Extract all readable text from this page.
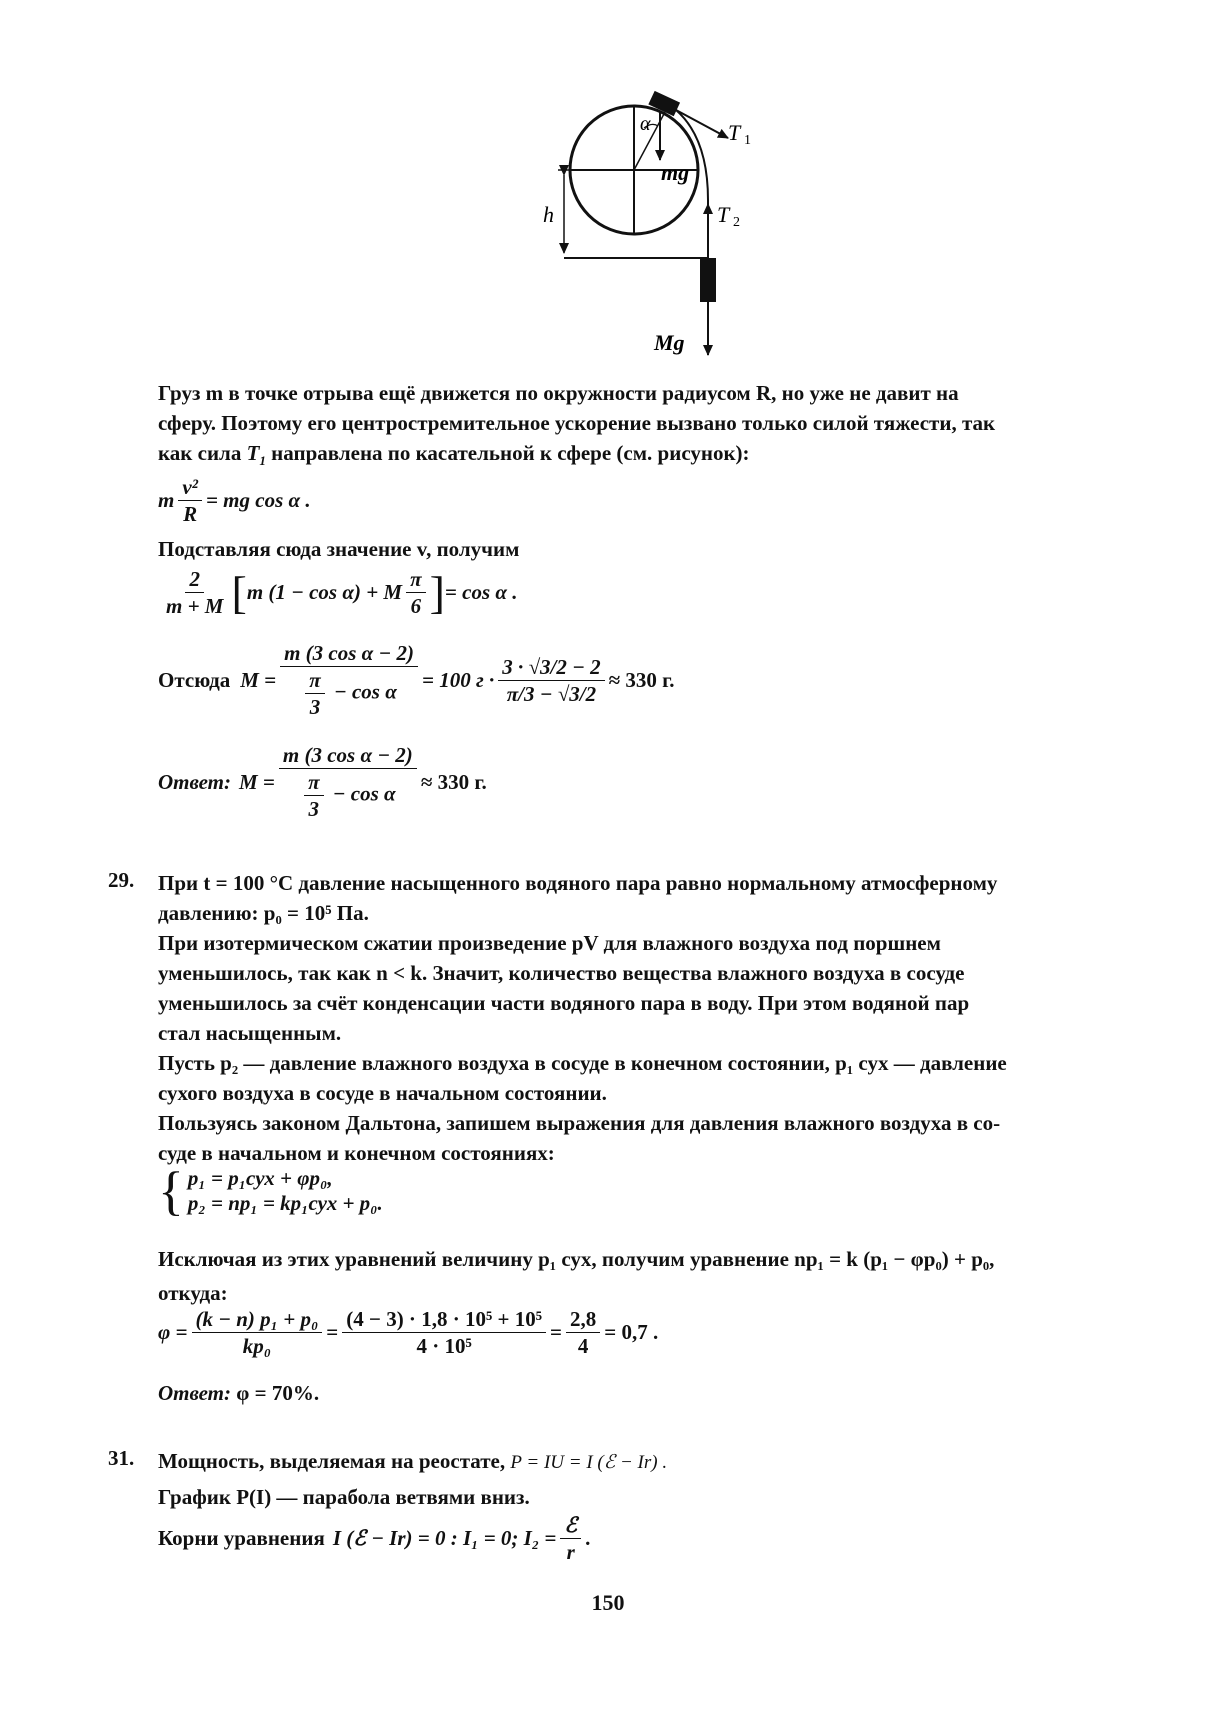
α
mg
T 1
T 2
h
Mg
Груз m в точке отрыва ещё движется по окружности радиусом R, но уже не давит на
сферу. Поэтому его центростремительное ускорение вызвано только силой тяжести, так
как сила $T_1$ направлена по касательной к сфере (см. рисунок):
m $\frac{\text{v²}}{R}$ = mg cos α .
Подставляя сюда значение v, получим
$\frac{2}{m + M}$ [ m (1 − cos α) + M $\frac{\pi}{6}$ ] = cos α .
Отсюда $M = \frac{\text{m (3 cos α − 2)}}{\frac{\pi}{3} - \cos \alpha} = 100$ $г \cdot \frac{3 \cdot √3/2 - 2}{\pi/3 - √3/2} \approx 330$ г.
Ответ: $M = \frac{\text{m (3 cos α − 2)}}{\frac{\pi}{3} - \cos \alpha} \approx 330$ г.
29. При t = 100 °C давление насыщенного водяного пара равно нормальному атмосферному
давлению: p₀ = 10⁵ Па.
При изотермическом сжатии произведение pV для влажного воздуха под поршнем
уменьшилось, так как n < k. Значит, количество вещества влажного воздуха в сосуде
уменьшилось за счёт конденсации части водяного пара в воду. При этом водяной пар
стал насыщенным.
Пусть p₂ — давление влажного воздуха в сосуде в конечном состоянии, p₁ сух — давление
сухого воздуха в сосуде в начальном состоянии.
Пользуясь законом Дальтона, запишем выражения для давления влажного воздуха в со-
суде в начальном и конечном состояниях:
{ p₁ = p₁сух + φp₀,
p₂ = np₁ = kp₁сух + p₀.
Исключая из этих уравнений величину p₁ сух, получим уравнение np₁ = k (p₁ − φp₀) + p₀,
откуда:
$\varphi = \frac{\text{(k − n) p₁ + p₀}}{\text{kp₀}} = \frac{\text{(4 − 3) · 1,8 · 10⁵ + 10⁵}}{\text{4 · 10⁵}} = \frac{2,8}{4} = 0,7$ .
Ответ: φ = 70%.
31. Мощность, выделяемая на реостате, P = IU = I (ℰ − Ir) .
График P(I) — парабола ветвями вниз.
Корни уравнения I (ℰ − Ir) = 0 : I₁ = 0; $I_2 = \frac{\text{ℰ}}{r}$ .
150
